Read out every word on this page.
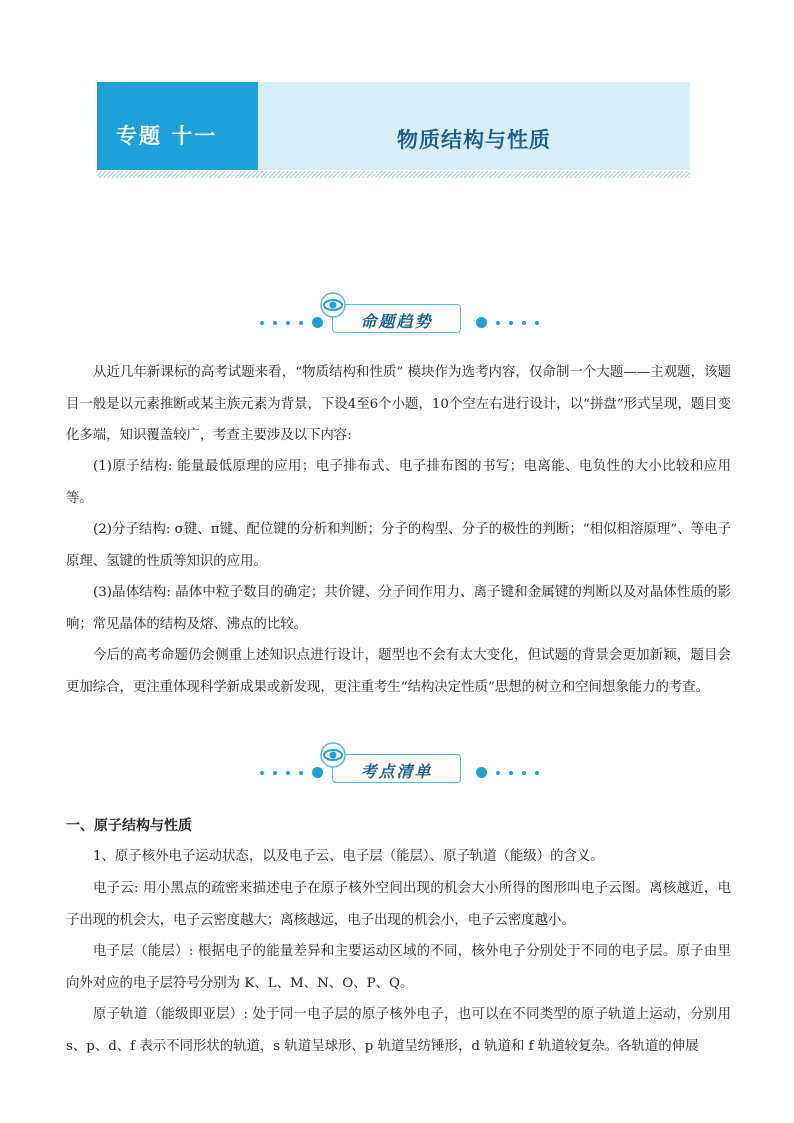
专题 十一	物质结构与性质
命题趋势

从近几年新课标的高考试题来看，“物质结构和性质” 模块作为选考内容，仅命制一个大题——主观题，该题目一般是以元素推断或某主族元素为背景，下设4至6个小题，10个空左右进行设计，以“拼盘”形式呈现，题目变化多端，知识覆盖较广，考查主要涉及以下内容:

(1)原子结构: 能量最低原理的应用；电子排布式、电子排布图的书写；电离能、电负性的大小比较和应用等。

(2)分子结构: σ键、π键、配位键的分析和判断；分子的构型、分子的极性的判断；“相似相溶原理”、等电子原理、氢键的性质等知识的应用。

(3)晶体结构: 晶体中粒子数目的确定；共价键、分子间作用力、离子键和金属键的判断以及对晶体性质的影响；常见晶体的结构及熔、沸点的比较。

今后的高考命题仍会侧重上述知识点进行设计，题型也不会有太大变化，但试题的背景会更加新颖，题目会更加综合，更注重体现科学新成果或新发现，更注重考生“结构决定性质”思想的树立和空间想象能力的考查。

考点清单
一、原子结构与性质

1、原子核外电子运动状态，以及电子云、电子层（能层）、原子轨道（能级）的含义。

电子云: 用小黑点的疏密来描述电子在原子核外空间出现的机会大小所得的图形叫电子云图。离核越近，电子出现的机会大，电子云密度越大；离核越远，电子出现的机会小，电子云密度越小。

电子层（能层）: 根据电子的能量差异和主要运动区域的不同，核外电子分别处于不同的电子层。原子由里向外对应的电子层符号分别为 K、L、M、N、O、P、Q。

原子轨道（能级即亚层）: 处于同一电子层的原子核外电子，也可以在不同类型的原子轨道上运动，分别用 s、p、d、f 表示不同形状的轨道，s 轨道呈球形、p 轨道呈纺锤形，d 轨道和 f 轨道较复杂。各轨道的伸展
